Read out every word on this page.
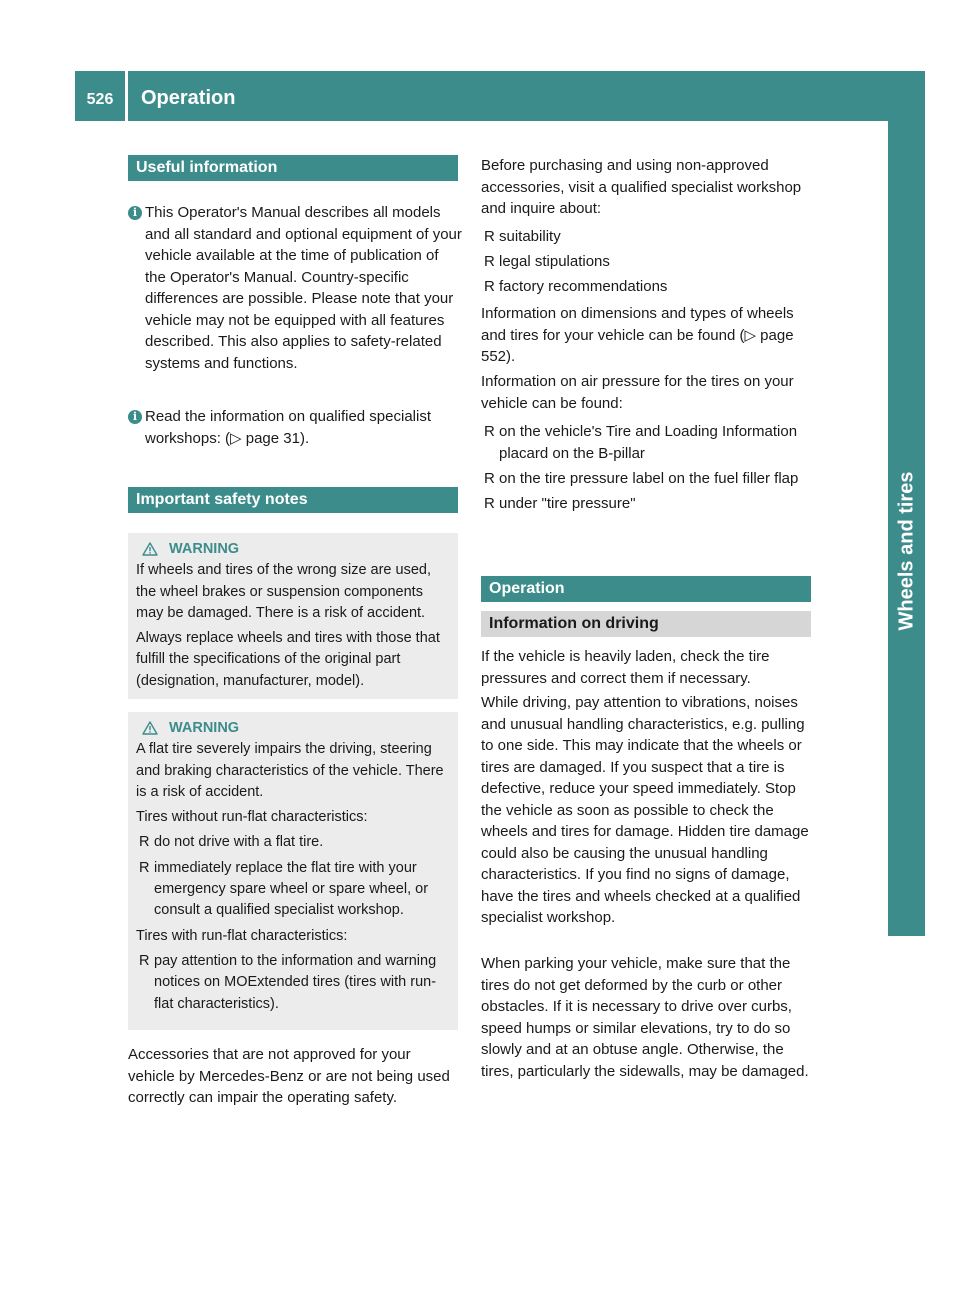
526	Operation
Wheels and tires
Useful information
i This Operator's Manual describes all models and all standard and optional equipment of your vehicle available at the time of publication of the Operator's Manual. Country-specific differences are possible. Please note that your vehicle may not be equipped with all features described. This also applies to safety-related systems and functions.
i Read the information on qualified specialist workshops: (▷ page 31).
Important safety notes
WARNING

If wheels and tires of the wrong size are used, the wheel brakes or suspension components may be damaged. There is a risk of accident.

Always replace wheels and tires with those that fulfill the specifications of the original part (designation, manufacturer, model).

WARNING

A flat tire severely impairs the driving, steering and braking characteristics of the vehicle. There is a risk of accident.

Tires without run-flat characteristics:

R do not drive with a flat tire.
R immediately replace the flat tire with your emergency spare wheel or spare wheel, or consult a qualified specialist workshop.

Tires with run-flat characteristics:

R pay attention to the information and warning notices on MOExtended tires (tires with run-flat characteristics).
Accessories that are not approved for your vehicle by Mercedes-Benz or are not being used correctly can impair the operating safety.
Before purchasing and using non-approved accessories, visit a qualified specialist workshop and inquire about:
R suitability
R legal stipulations
R factory recommendations
Information on dimensions and types of wheels and tires for your vehicle can be found (▷ page 552).
Information on air pressure for the tires on your vehicle can be found:
R on the vehicle's Tire and Loading Information placard on the B-pillar
R on the tire pressure label on the fuel filler flap
R under "tire pressure"
Operation
Information on driving
If the vehicle is heavily laden, check the tire pressures and correct them if necessary.
While driving, pay attention to vibrations, noises and unusual handling characteristics, e.g. pulling to one side. This may indicate that the wheels or tires are damaged. If you suspect that a tire is defective, reduce your speed immediately. Stop the vehicle as soon as possible to check the wheels and tires for damage. Hidden tire damage could also be causing the unusual handling characteristics. If you find no signs of damage, have the tires and wheels checked at a qualified specialist workshop.
When parking your vehicle, make sure that the tires do not get deformed by the curb or other obstacles. If it is necessary to drive over curbs, speed humps or similar elevations, try to do so slowly and at an obtuse angle. Otherwise, the tires, particularly the sidewalls, may be damaged.
